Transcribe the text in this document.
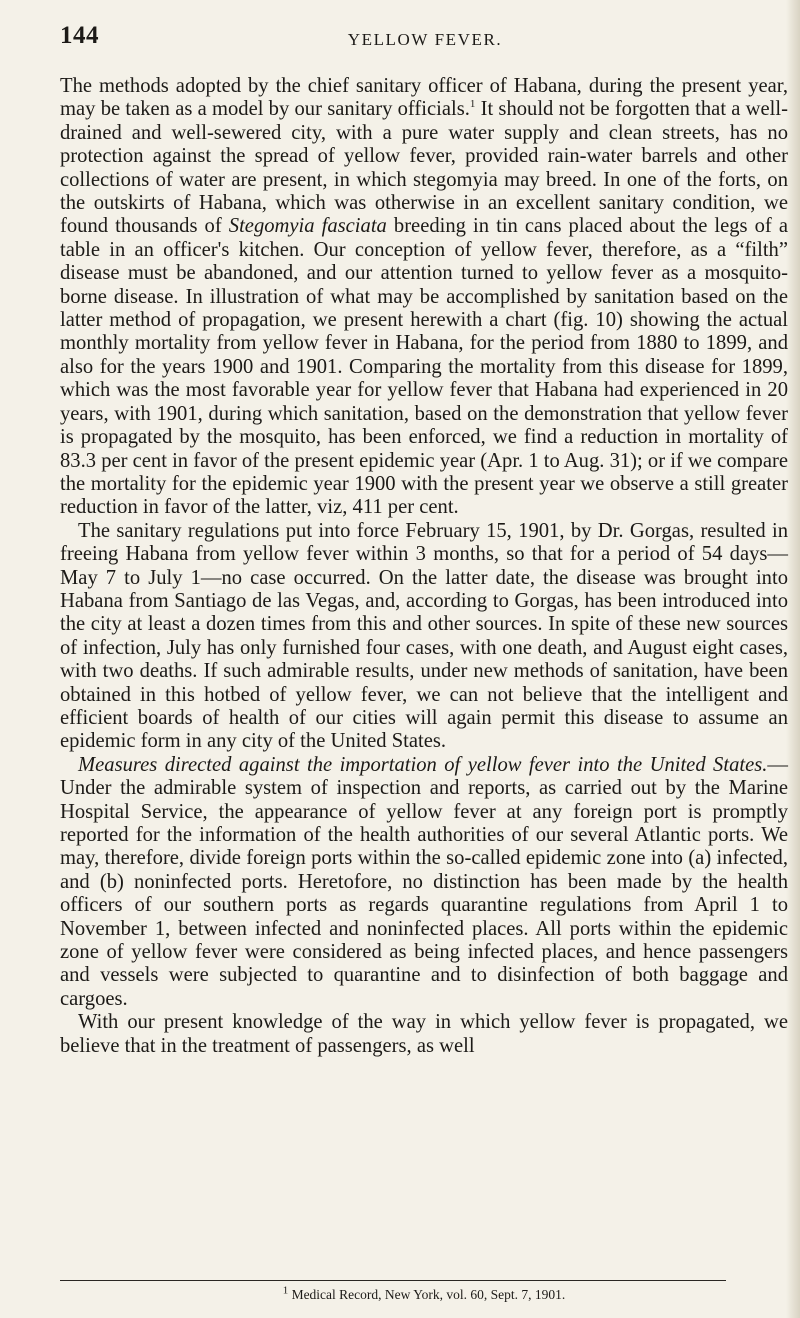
144	YELLOW FEVER.

The methods adopted by the chief sanitary officer of Habana, during the present year, may be taken as a model by our sanitary officials.$^1$ It should not be forgotten that a well-drained and well-sewered city, with a pure water supply and clean streets, has no protection against the spread of yellow fever, provided rain-water barrels and other collections of water are present, in which stegomyia may breed. In one of the forts, on the outskirts of Habana, which was otherwise in an excellent sanitary condition, we found thousands of Stegomyia fasciata breeding in tin cans placed about the legs of a table in an officer's kitchen. Our conception of yellow fever, therefore, as a “filth” disease must be abandoned, and our attention turned to yellow fever as a mosquito-borne disease. In illustration of what may be accomplished by sanitation based on the latter method of propagation, we present herewith a chart (fig. 10) showing the actual monthly mortality from yellow fever in Habana, for the period from 1880 to 1899, and also for the years 1900 and 1901. Comparing the mortality from this disease for 1899, which was the most favorable year for yellow fever that Habana had experienced in 20 years, with 1901, during which sanitation, based on the demonstration that yellow fever is propagated by the mosquito, has been enforced, we find a reduction in mortality of 83.3 per cent in favor of the present epidemic year (Apr. 1 to Aug. 31); or if we compare the mortality for the epidemic year 1900 with the present year we observe a still greater reduction in favor of the latter, viz, 411 per cent.

The sanitary regulations put into force February 15, 1901, by Dr. Gorgas, resulted in freeing Habana from yellow fever within 3 months, so that for a period of 54 days—May 7 to July 1—no case occurred. On the latter date, the disease was brought into Habana from Santiago de las Vegas, and, according to Gorgas, has been introduced into the city at least a dozen times from this and other sources. In spite of these new sources of infection, July has only furnished four cases, with one death, and August eight cases, with two deaths. If such admirable results, under new methods of sanitation, have been obtained in this hotbed of yellow fever, we can not believe that the intelligent and efficient boards of health of our cities will again permit this disease to assume an epidemic form in any city of the United States.

Measures directed against the importation of yellow fever into the United States.—Under the admirable system of inspection and reports, as carried out by the Marine Hospital Service, the appearance of yellow fever at any foreign port is promptly reported for the information of the health authorities of our several Atlantic ports. We may, therefore, divide foreign ports within the so-called epidemic zone into (a) infected, and (b) noninfected ports. Heretofore, no distinction has been made by the health officers of our southern ports as regards quarantine regulations from April 1 to November 1, between infected and noninfected places. All ports within the epidemic zone of yellow fever were considered as being infected places, and hence passengers and vessels were subjected to quarantine and to disinfection of both baggage and cargoes.

With our present knowledge of the way in which yellow fever is propagated, we believe that in the treatment of passengers, as well

$^1$ Medical Record, New York, vol. 60, Sept. 7, 1901.
